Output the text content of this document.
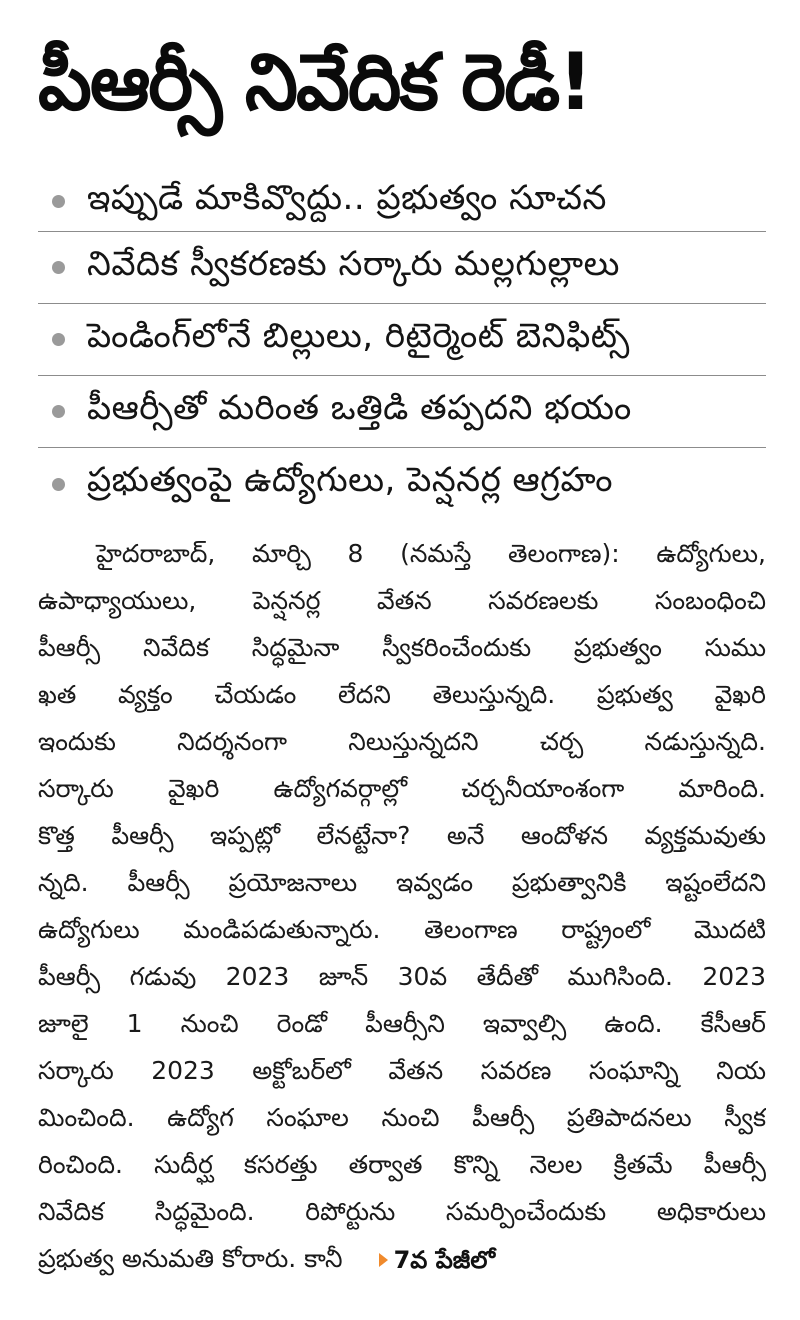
పీఆర్సీ నివేదిక రెడీ!
ఇప్పుడే మాకివ్వొద్దు.. ప్రభుత్వం సూచన
నివేదిక స్వీకరణకు సర్కారు మల్లగుల్లాలు
పెండింగ్‌లోనే బిల్లులు, రిటైర్మెంట్ బెనిఫిట్స్
పీఆర్సీతో మరింత ఒత్తిడి తప్పదని భయం
ప్రభుత్వంపై ఉద్యోగులు, పెన్షనర్ల ఆగ్రహం
హైదరాబాద్, మార్చి 8 (నమస్తే తెలంగాణ): ఉద్యోగులు,
ఉపాధ్యాయులు, పెన్షనర్ల వేతన సవరణలకు సంబంధించి
పీఆర్సీ నివేదిక సిద్ధమైనా స్వీకరించేందుకు ప్రభుత్వం సుము
ఖత వ్యక్తం చేయడం లేదని తెలుస్తున్నది. ప్రభుత్వ వైఖరి
ఇందుకు నిదర్శనంగా నిలుస్తున్నదని చర్చ నడుస్తున్నది.
సర్కారు వైఖరి ఉద్యోగవర్గాల్లో చర్చనీయాంశంగా మారింది.
కొత్త పీఆర్సీ ఇప్పట్లో లేనట్టేనా? అనే ఆందోళన వ్యక్తమవుతు
న్నది. పీఆర్సీ ప్రయోజనాలు ఇవ్వడం ప్రభుత్వానికి ఇష్టంలేదని
ఉద్యోగులు మండిపడుతున్నారు. తెలంగాణ రాష్ట్రంలో మొదటి
పీఆర్సీ గడువు 2023 జూన్ 30వ తేదీతో ముగిసింది. 2023
జూలై 1 నుంచి రెండో పీఆర్సీని ఇవ్వాల్సి ఉంది. కేసీఆర్
సర్కారు 2023 అక్టోబర్‌లో వేతన సవరణ సంఘాన్ని నియ
మించింది. ఉద్యోగ సంఘాల నుంచి పీఆర్సీ ప్రతిపాదనలు స్వీక
రించింది. సుదీర్ఘ కసరత్తు తర్వాత కొన్ని నెలల క్రితమే పీఆర్సీ
నివేదిక సిద్ధమైంది. రిపోర్టును సమర్పించేందుకు అధికారులు
ప్రభుత్వ అనుమతి కోరారు. కానీ 7వ పేజీలో
